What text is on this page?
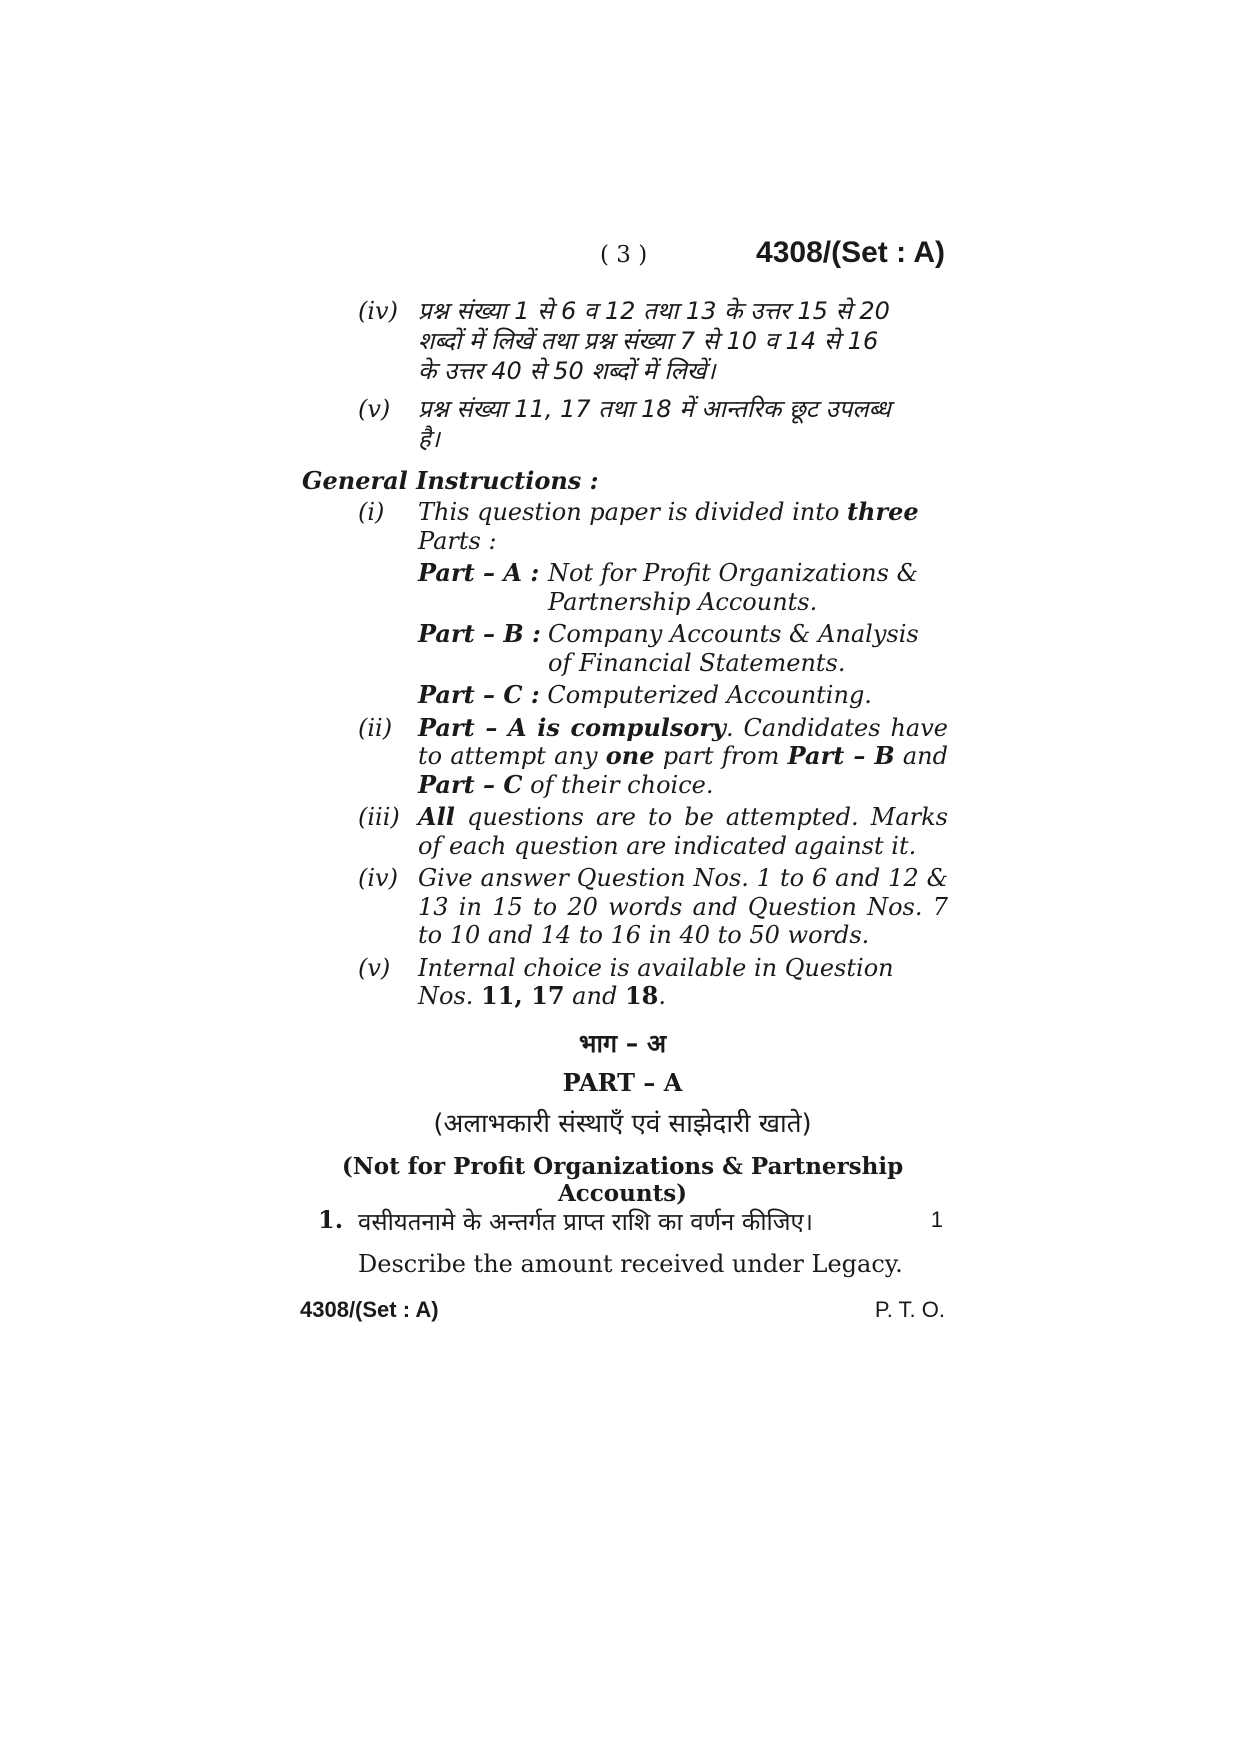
( 3 )	4308/(Set : A)
(iv) प्रश्न संख्या 1 से 6 व 12 तथा 13 के उत्तर 15 से 20
शब्दों में लिखें तथा प्रश्न संख्या 7 से 10 व 14 से 16
के उत्तर 40 से 50 शब्दों में लिखें।
(v) प्रश्न संख्या 11, 17 तथा 18 में आन्तरिक छूट उपलब्ध
है।
General Instructions :
(i) This question paper is divided into three
Parts :
Part – A : Not for Profit Organizations & Partnership Accounts.
Part – B : Company Accounts & Analysis of Financial Statements.
Part – C : Computerized Accounting.
(ii) Part – A is compulsory. Candidates have to attempt any one part from Part – B and Part – C of their choice.
(iii) All questions are to be attempted. Marks of each question are indicated against it.
(iv) Give answer Question Nos. 1 to 6 and 12 & 13 in 15 to 20 words and Question Nos. 7 to 10 and 14 to 16 in 40 to 50 words.
(v) Internal choice is available in Question Nos. 11, 17 and 18.
भाग – अ
PART – A
(अलाभकारी संस्थाएँ एवं साझेदारी खाते)
(Not for Profit Organizations & Partnership Accounts)
1. वसीयतनामे के अन्तर्गत प्राप्त राशि का वर्णन कीजिए।	1
Describe the amount received under Legacy.
4308/(Set : A)	P. T. O.
